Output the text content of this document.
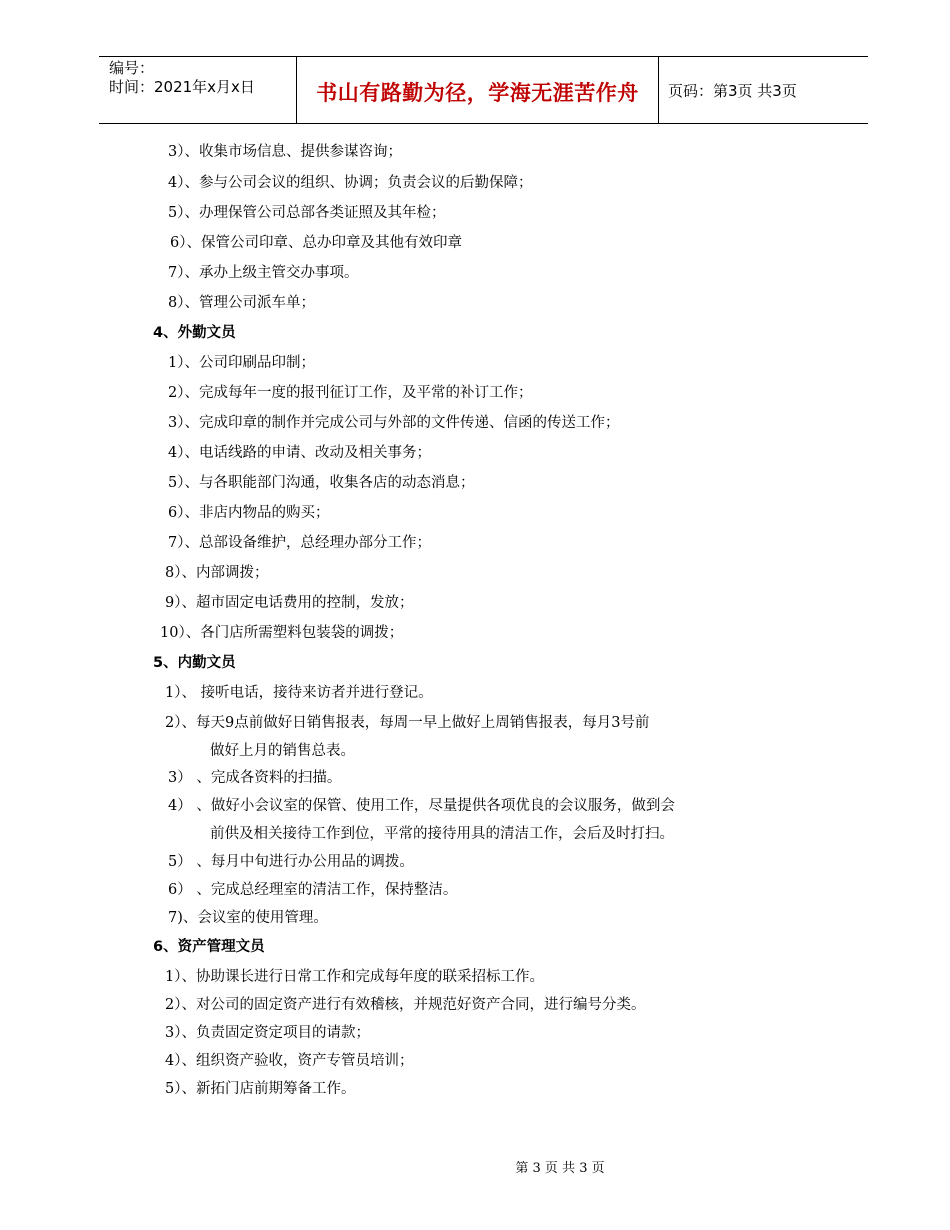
编号：
时间：2021年x月x日	书山有路勤为径，学海无涯苦作舟	页码：第3页 共3页
3）、收集市场信息、提供参谋咨询；
4）、参与公司会议的组织、协调；负责会议的后勤保障；
5）、办理保管公司总部各类证照及其年检；
6）、保管公司印章、总办印章及其他有效印章
7）、承办上级主管交办事项。
8）、管理公司派车单；
4、外勤文员
1）、公司印刷品印制；
2）、完成每年一度的报刊征订工作，及平常的补订工作；
3）、完成印章的制作并完成公司与外部的文件传递、信函的传送工作；
4）、电话线路的申请、改动及相关事务；
5）、与各职能部门沟通，收集各店的动态消息；
6）、非店内物品的购买；
7）、总部设备维护，总经理办部分工作；
8）、内部调拨；
9）、超市固定电话费用的控制，发放；
10）、各门店所需塑料包装袋的调拨；
5、内勤文员
1）、 接听电话，接待来访者并进行登记。
2）、每天9点前做好日销售报表，每周一早上做好上周销售报表，每月3号前
做好上月的销售总表。
3） 、完成各资料的扫描。
4） 、做好小会议室的保管、使用工作，尽量提供各项优良的会议服务，做到会
前供及相关接待工作到位，平常的接待用具的清洁工作，会后及时打扫。
5） 、每月中旬进行办公用品的调拨。
6） 、完成总经理室的清洁工作，保持整洁。
7)、会议室的使用管理。
6、资产管理文员
1）、协助课长进行日常工作和完成每年度的联采招标工作。
2）、对公司的固定资产进行有效稽核，并规范好资产合同，进行编号分类。
3）、负责固定资定项目的请款；
4）、组织资产验收，资产专管员培训；
5）、新拓门店前期筹备工作。
第 3 页 共 3 页
